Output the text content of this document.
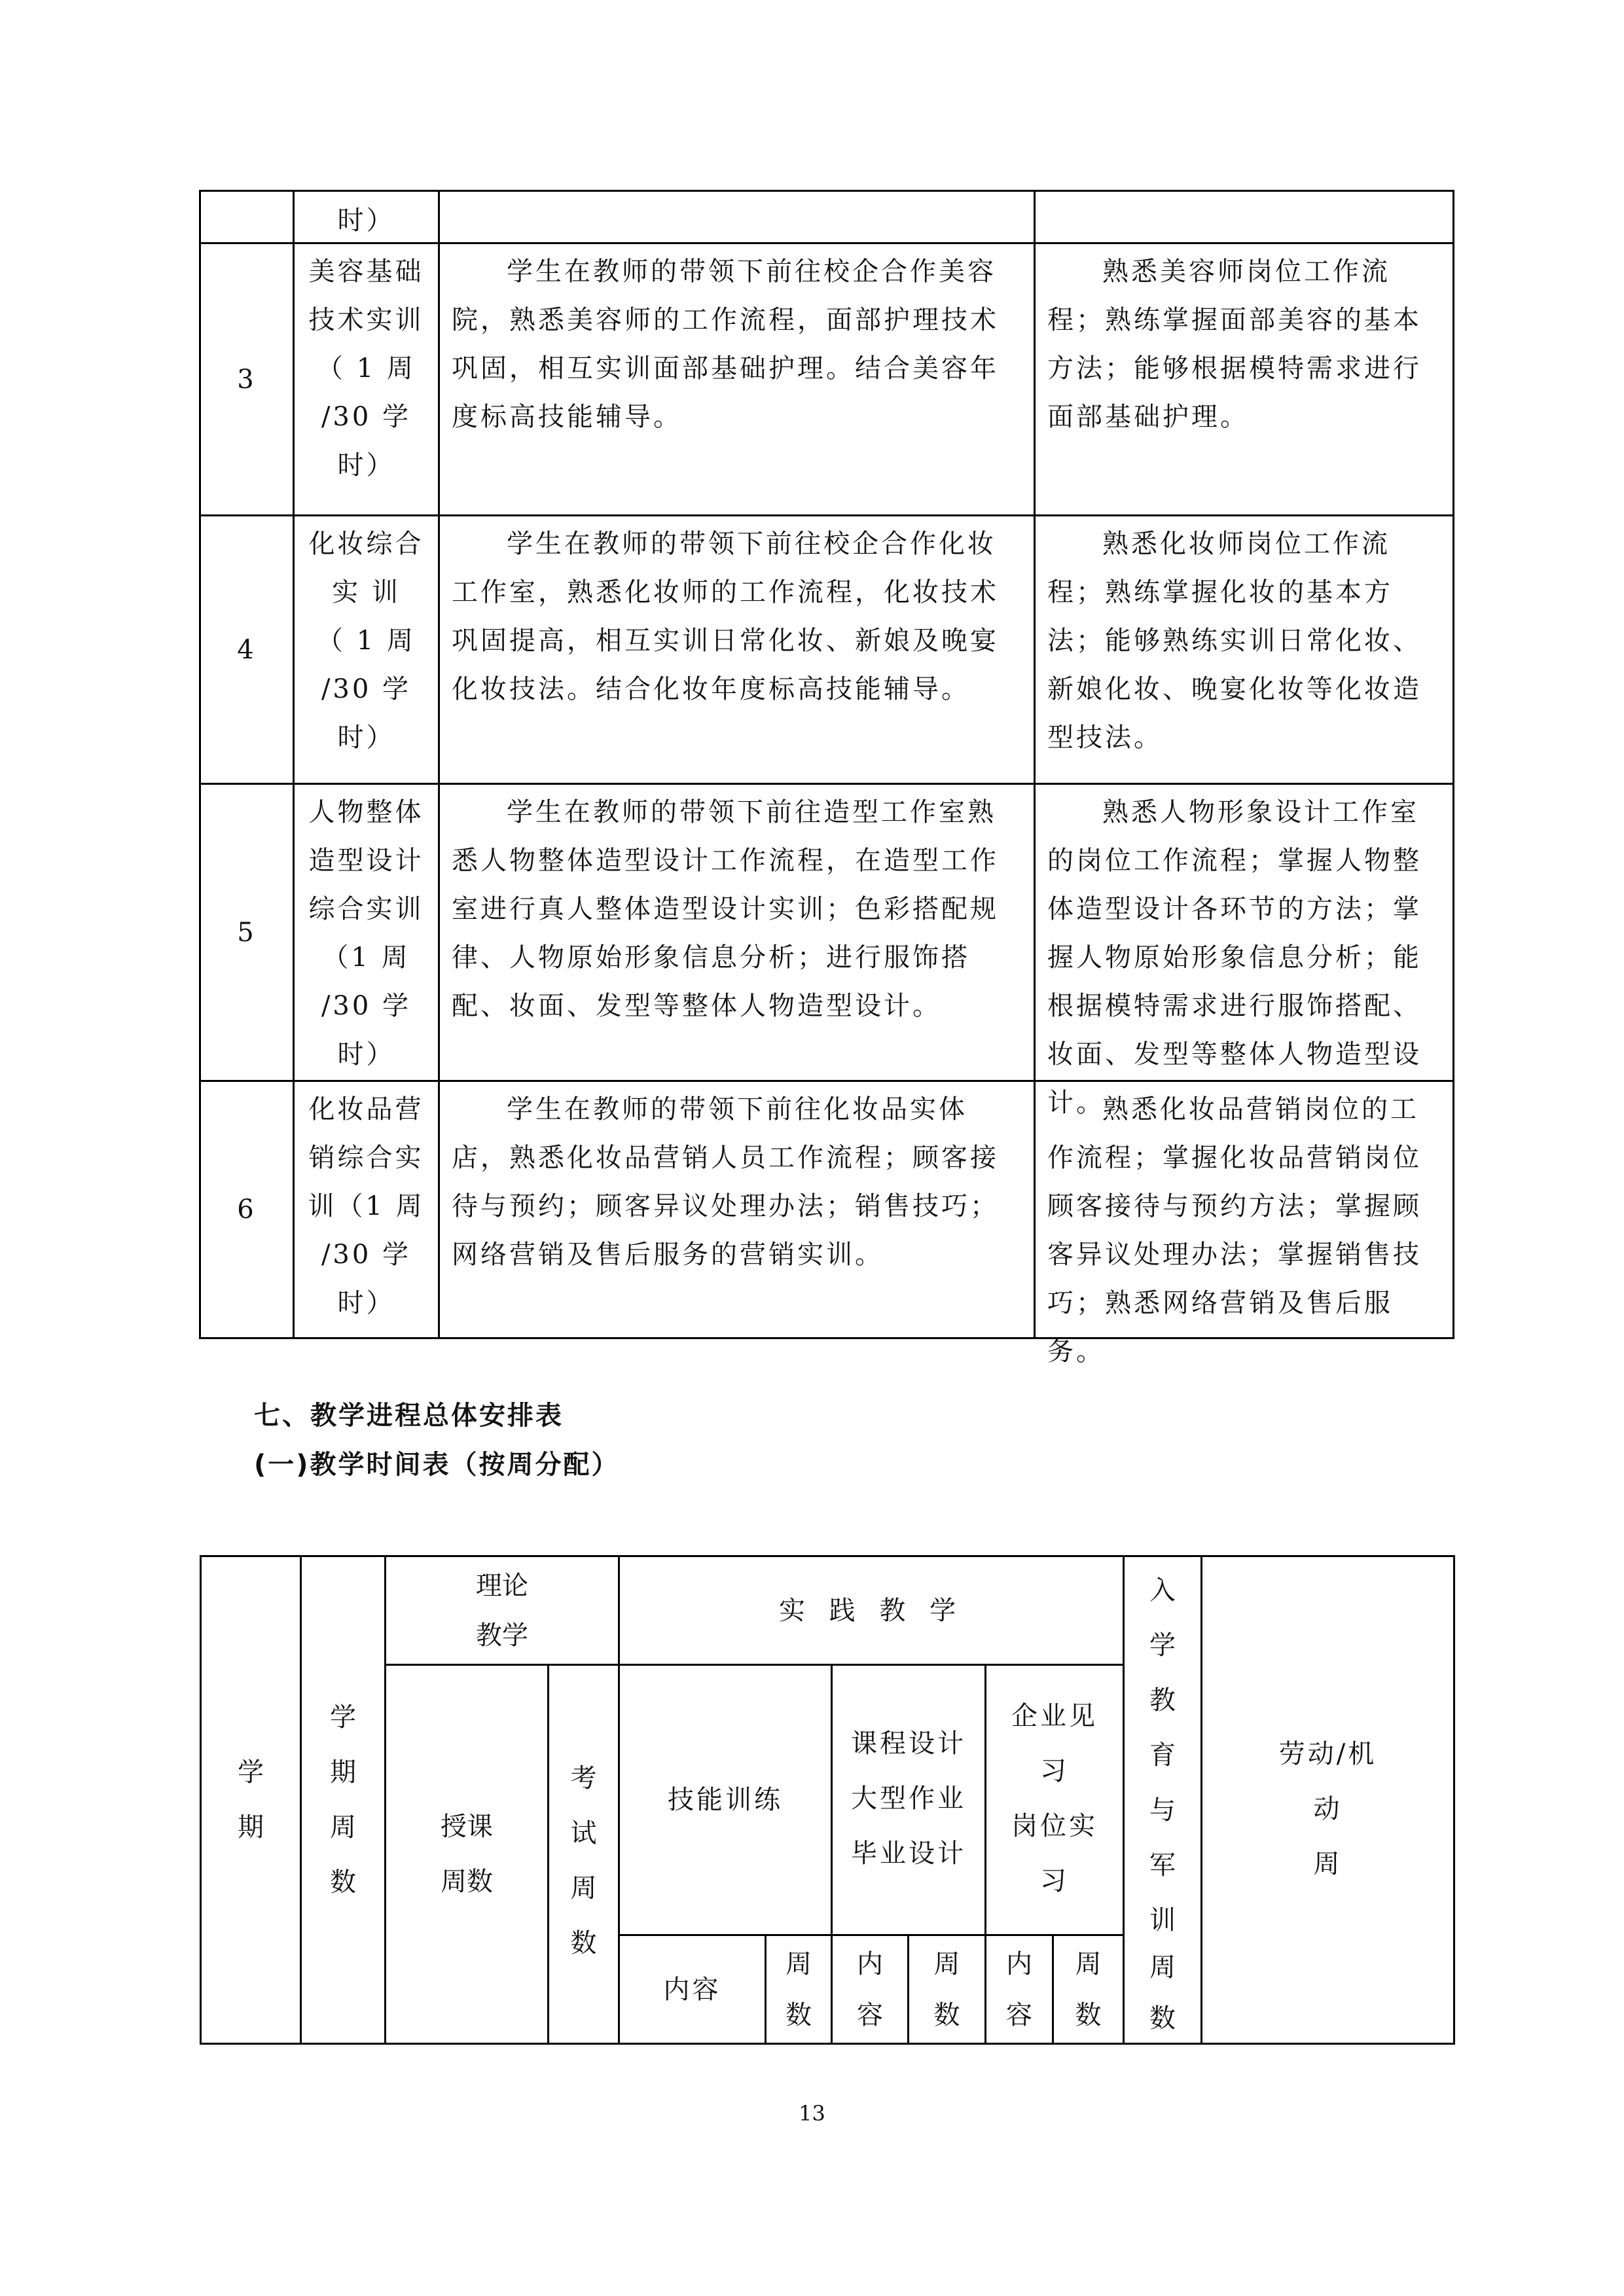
时）
3
美容基础
技术实训
（ 1 周
/30 学
时）
学生在教师的带领下前往校企合作美容院，熟悉美容师的工作流程，面部护理技术巩固，相互实训面部基础护理。结合美容年度标高技能辅导。
熟悉美容师岗位工作流程；熟练掌握面部美容的基本方法；能够根据模特需求进行面部基础护理。
4
化妆综合
实 训
（ 1 周
/30 学
时）
学生在教师的带领下前往校企合作化妆工作室，熟悉化妆师的工作流程，化妆技术巩固提高，相互实训日常化妆、新娘及晚宴化妆技法。结合化妆年度标高技能辅导。
熟悉化妆师岗位工作流程；熟练掌握化妆的基本方法；能够熟练实训日常化妆、新娘化妆、晚宴化妆等化妆造型技法。
5
人物整体
造型设计
综合实训
（1 周
/30 学
时）
学生在教师的带领下前往造型工作室熟悉人物整体造型设计工作流程，在造型工作室进行真人整体造型设计实训；色彩搭配规律、人物原始形象信息分析；进行服饰搭配、妆面、发型等整体人物造型设计。
熟悉人物形象设计工作室的岗位工作流程；掌握人物整体造型设计各环节的方法；掌握人物原始形象信息分析；能根据模特需求进行服饰搭配、妆面、发型等整体人物造型设计。
6
化妆品营
销综合实
训（1 周
/30 学
时）
学生在教师的带领下前往化妆品实体店，熟悉化妆品营销人员工作流程；顾客接待与预约；顾客异议处理办法；销售技巧；网络营销及售后服务的营销实训。
熟悉化妆品营销岗位的工作流程；掌握化妆品营销岗位顾客接待与预约方法；掌握顾客异议处理办法；掌握销售技巧；熟悉网络营销及售后服务。
七、教学进程总体安排表
(一)教学时间表（按周分配）
学期
学期周数
理论教学
实 践 教 学
入学教育与军训
周数
劳动/机
动
周
授课周数
考试周数
技能训练
课程设计
大型作业
毕业设计
企业见
习
岗位实
习
内容
周数
内容
周数
内容
周数
13
